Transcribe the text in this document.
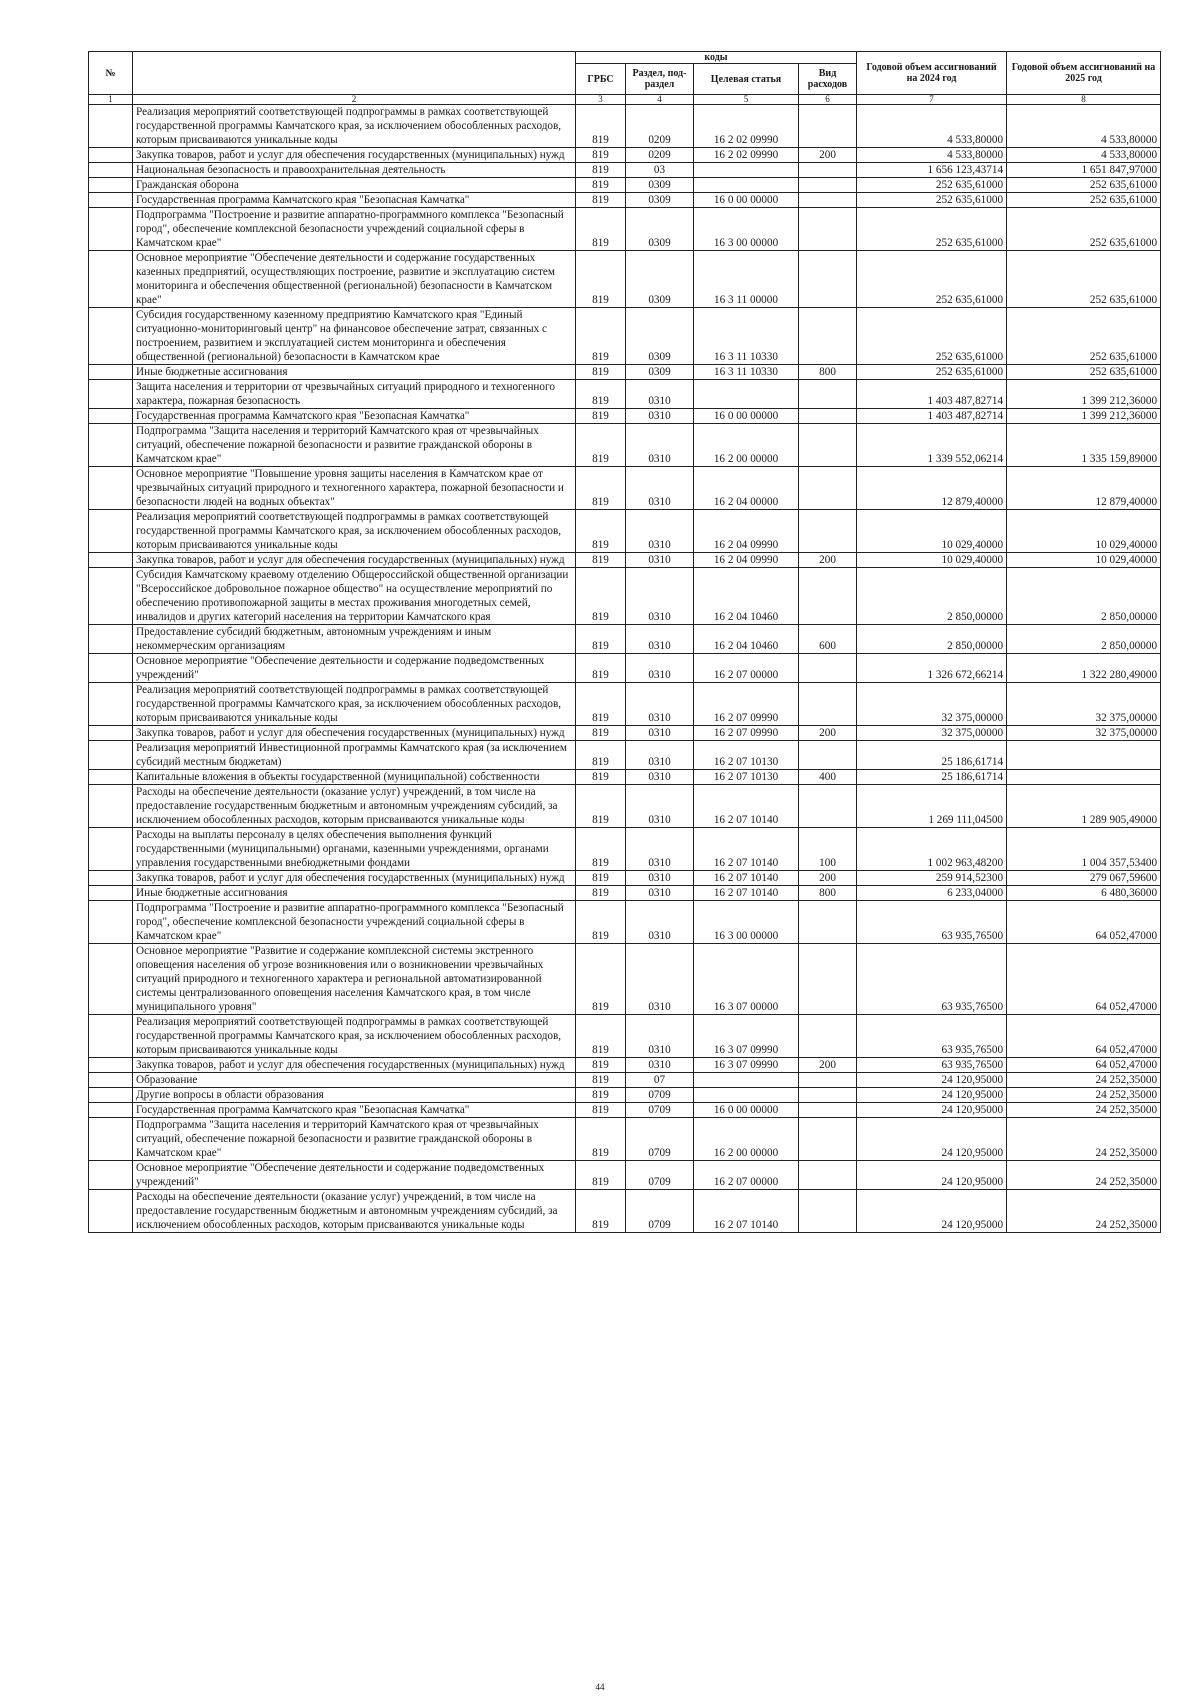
№		коды				Годовой объем ассигнований на 2024 год	Годовой объем ассигнований на 2025 год
		ГРБС	Раздел, под-раздел	Целевая статья	Вид расходов		
1	2	3	4	5	6	7	8
	Реализация мероприятий соответствующей подпрограммы в рамках соответствующей государственной программы Камчатского края, за исключением обособленных расходов, которым присваиваются уникальные коды	819	0209	16 2 02 09990		4 533,80000	4 533,80000
	Закупка товаров, работ и услуг для обеспечения государственных (муниципальных) нужд	819	0209	16 2 02 09990	200	4 533,80000	4 533,80000
	Национальная безопасность и правоохранительная деятельность	819	03			1 656 123,43714	1 651 847,97000
	Гражданская оборона	819	0309			252 635,61000	252 635,61000
	Государственная программа Камчатского края "Безопасная Камчатка"	819	0309	16 0 00 00000		252 635,61000	252 635,61000
	Подпрограмма "Построение и развитие аппаратно-программного комплекса "Безопасный город", обеспечение комплексной безопасности учреждений социальной сферы в Камчатском крае"	819	0309	16 3 00 00000		252 635,61000	252 635,61000
	Основное мероприятие "Обеспечение деятельности и содержание государственных казенных предприятий, осуществляющих построение, развитие и эксплуатацию систем мониторинга и обеспечения общественной (региональной) безопасности в Камчатском крае"	819	0309	16 3 11 00000		252 635,61000	252 635,61000
	Субсидия государственному казенному предприятию Камчатского края "Единый ситуационно-мониторинговый центр" на финансовое обеспечение затрат, связанных с построением, развитием и эксплуатацией систем мониторинга и обеспечения общественной (региональной) безопасности в Камчатском крае	819	0309	16 3 11 10330		252 635,61000	252 635,61000
	Иные бюджетные ассигнования	819	0309	16 3 11 10330	800	252 635,61000	252 635,61000
	Защита населения и территории от чрезвычайных ситуаций природного и техногенного характера, пожарная безопасность	819	0310			1 403 487,82714	1 399 212,36000
	Государственная программа Камчатского края "Безопасная Камчатка"	819	0310	16 0 00 00000		1 403 487,82714	1 399 212,36000
	Подпрограмма "Защита населения и территорий Камчатского края от чрезвычайных ситуаций, обеспечение пожарной безопасности и развитие гражданской обороны в Камчатском крае"	819	0310	16 2 00 00000		1 339 552,06214	1 335 159,89000
	Основное мероприятие "Повышение уровня защиты населения в Камчатском крае от чрезвычайных ситуаций природного и техногенного характера, пожарной безопасности и безопасности людей на водных объектах"	819	0310	16 2 04 00000		12 879,40000	12 879,40000
	Реализация мероприятий соответствующей подпрограммы в рамках соответствующей государственной программы Камчатского края, за исключением обособленных расходов, которым присваиваются уникальные коды	819	0310	16 2 04 09990		10 029,40000	10 029,40000
	Закупка товаров, работ и услуг для обеспечения государственных (муниципальных) нужд	819	0310	16 2 04 09990	200	10 029,40000	10 029,40000
	Субсидия Камчатскому краевому отделению Общероссийской общественной организации "Всероссийское добровольное пожарное общество" на осуществление мероприятий по обеспечению противопожарной защиты в местах проживания многодетных семей, инвалидов и других категорий населения на территории Камчатского края	819	0310	16 2 04 10460		2 850,00000	2 850,00000
	Предоставление субсидий бюджетным, автономным учреждениям и иным некоммерческим организациям	819	0310	16 2 04 10460	600	2 850,00000	2 850,00000
	Основное мероприятие "Обеспечение деятельности и содержание подведомственных учреждений"	819	0310	16 2 07 00000		1 326 672,66214	1 322 280,49000
	Реализация мероприятий соответствующей подпрограммы в рамках соответствующей государственной программы Камчатского края, за исключением обособленных расходов, которым присваиваются уникальные коды	819	0310	16 2 07 09990		32 375,00000	32 375,00000
	Закупка товаров, работ и услуг для обеспечения государственных (муниципальных) нужд	819	0310	16 2 07 09990	200	32 375,00000	32 375,00000
	Реализация мероприятий Инвестиционной программы Камчатского края (за исключением субсидий местным бюджетам)	819	0310	16 2 07 10130		25 186,61714	
	Капитальные вложения в объекты государственной (муниципальной) собственности	819	0310	16 2 07 10130	400	25 186,61714	
	Расходы на обеспечение деятельности (оказание услуг) учреждений, в том числе на предоставление государственным бюджетным и автономным учреждениям субсидий, за исключением обособленных расходов, которым присваиваются уникальные коды	819	0310	16 2 07 10140		1 269 111,04500	1 289 905,49000
	Расходы на выплаты персоналу в целях обеспечения выполнения функций государственными (муниципальными) органами, казенными учреждениями, органами управления государственными внебюджетными фондами	819	0310	16 2 07 10140	100	1 002 963,48200	1 004 357,53400
	Закупка товаров, работ и услуг для обеспечения государственных (муниципальных) нужд	819	0310	16 2 07 10140	200	259 914,52300	279 067,59600
	Иные бюджетные ассигнования	819	0310	16 2 07 10140	800	6 233,04000	6 480,36000
	Подпрограмма "Построение и развитие аппаратно-программного комплекса "Безопасный город", обеспечение комплексной безопасности учреждений социальной сферы в Камчатском крае"	819	0310	16 3 00 00000		63 935,76500	64 052,47000
	Основное мероприятие "Развитие и содержание комплексной системы экстренного оповещения населения об угрозе возникновения или о возникновении чрезвычайных ситуаций природного и техногенного характера и региональной автоматизированной системы централизованного оповещения населения Камчатского края, в том числе муниципального уровня"	819	0310	16 3 07 00000		63 935,76500	64 052,47000
	Реализация мероприятий соответствующей подпрограммы в рамках соответствующей государственной программы Камчатского края, за исключением обособленных расходов, которым присваиваются уникальные коды	819	0310	16 3 07 09990		63 935,76500	64 052,47000
	Закупка товаров, работ и услуг для обеспечения государственных (муниципальных) нужд	819	0310	16 3 07 09990	200	63 935,76500	64 052,47000
	Образование	819	07			24 120,95000	24 252,35000
	Другие вопросы в области образования	819	0709			24 120,95000	24 252,35000
	Государственная программа Камчатского края "Безопасная Камчатка"	819	0709	16 0 00 00000		24 120,95000	24 252,35000
	Подпрограмма "Защита населения и территорий Камчатского края от чрезвычайных ситуаций, обеспечение пожарной безопасности и развитие гражданской обороны в Камчатском крае"	819	0709	16 2 00 00000		24 120,95000	24 252,35000
	Основное мероприятие "Обеспечение деятельности и содержание подведомственных учреждений"	819	0709	16 2 07 00000		24 120,95000	24 252,35000
	Расходы на обеспечение деятельности (оказание услуг) учреждений, в том числе на предоставление государственным бюджетным и автономным учреждениям субсидий, за исключением обособленных расходов, которым присваиваются уникальные коды	819	0709	16 2 07 10140		24 120,95000	24 252,35000
44
